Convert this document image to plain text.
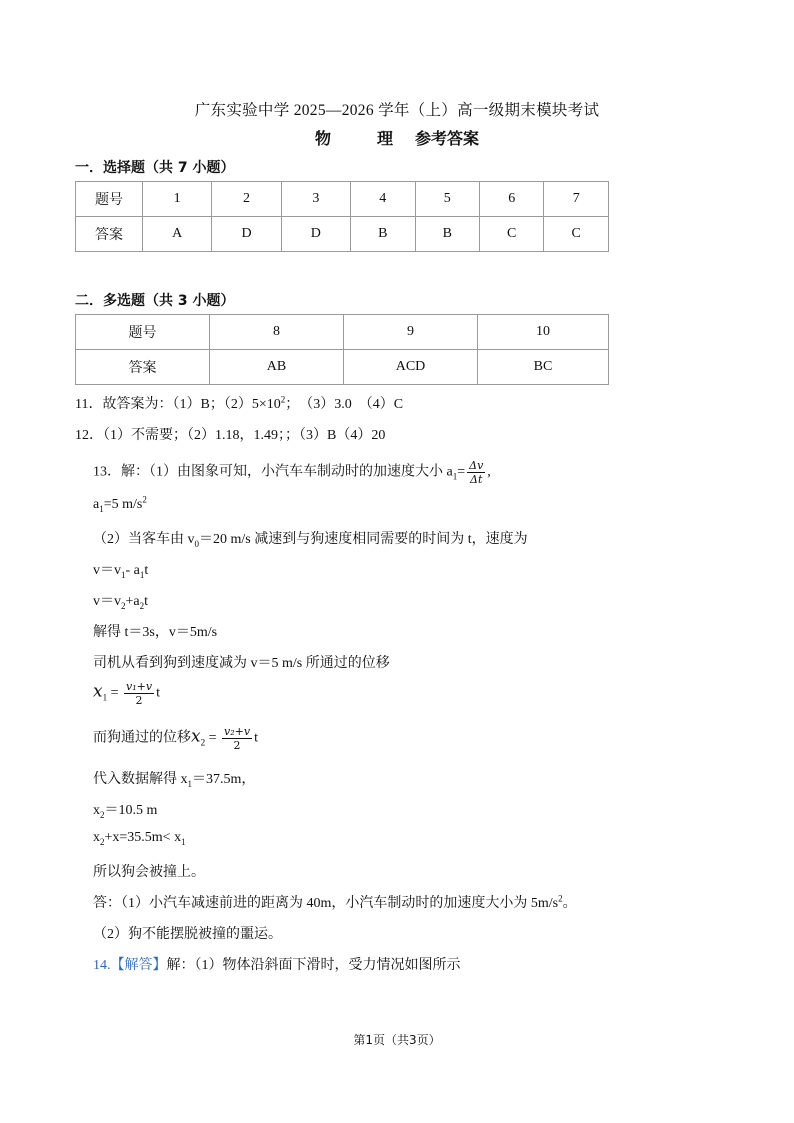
广东实验中学 2025—2026 学年（上）高一级期末模块考试
物	理 参考答案
一．选择题（共 7 小题）
题号	1	2	3	4	5	6	7
答案	A	D	D	B	B	C	C
二．多选题（共 3 小题）
题号	8	9	10
答案	AB	ACD	BC
11．故答案为：（1）B；$(2)5\times 10^2$；　（3）3.0　（4）C
12．（1）不需要；（2）1.18，1.49；；（3）B（4）20
13．解：（1）由图象可知，小汽车车制动时的加速度大小 $a_1= \frac{\Delta v}{\Delta t}$ ,
$a_1=5$ $m/s^2$
（2）当客车由 $v_0=20$ m/s 减速到与狗速度相同需要的时间为 t，速度为
$v=v_1-$ $a_1t$
$v=v_2+a_2t$
解得 t＝3s，v＝5m/s
司机从看到狗到速度减为 v＝5 m/s 所通过的位移
$x_1 = \frac{\text{v₁+v}}{2}$ t
而狗通过的位移$x_2 = \frac{\text{v₂+v}}{2}$ t
代入数据解得 $x_1=37.5m$，
$x_2=10.5$ m
$x_2+x=35.5m< x_1$
所以狗会被撞上。
答：（1）小汽车减速前进的距离为 40m，小汽车制动时的加速度大小为 $5m/s^2$。
（2）狗不能摆脱被撞的噩运。
14.【解答】解：（1）物体沿斜面下滑时，受力情况如图所示
第1页（共3页）
